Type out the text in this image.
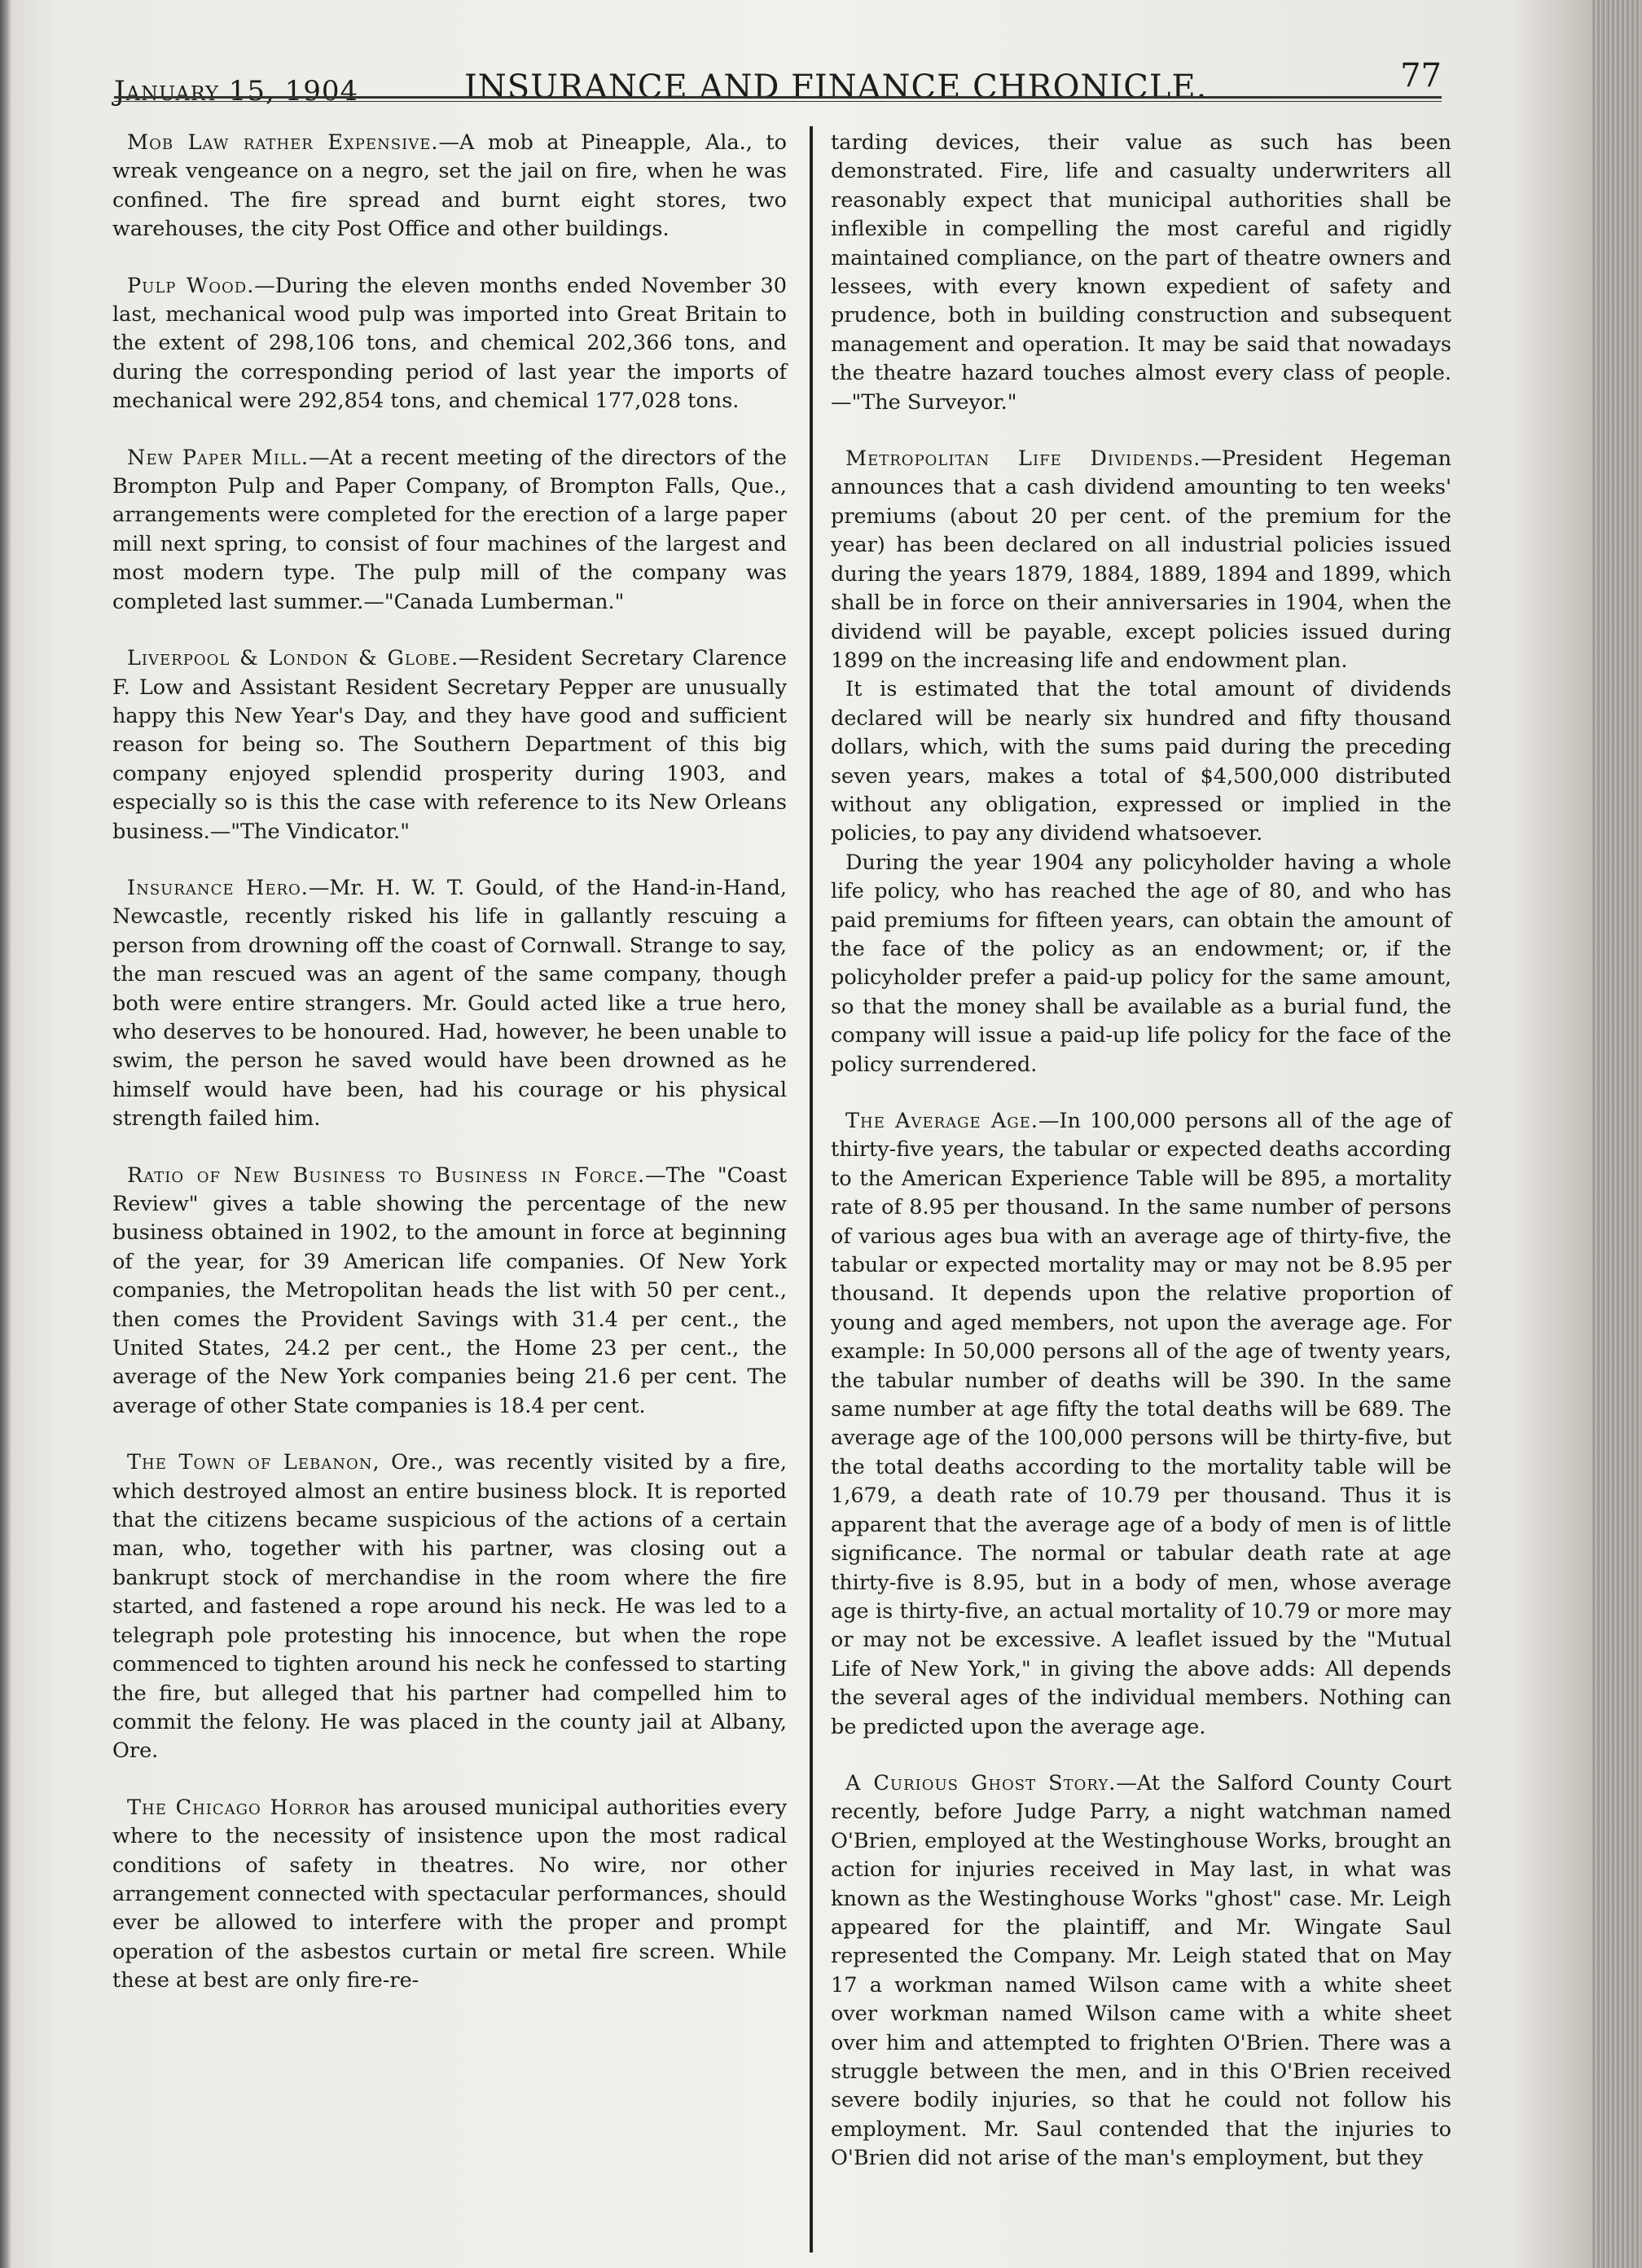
January 15, 1904	INSURANCE AND FINANCE CHRONICLE.	77

Mob Law rather Expensive.—A mob at Pineapple, Ala., to wreak vengeance on a negro, set the jail on fire, when he was confined. The fire spread and burnt eight stores, two warehouses, the city Post Office and other buildings.

Pulp Wood.—During the eleven months ended November 30 last, mechanical wood pulp was imported into Great Britain to the extent of 298,106 tons, and chemical 202,366 tons, and during the corresponding period of last year the imports of mechanical were 292,854 tons, and chemical 177,028 tons.

New Paper Mill.—At a recent meeting of the directors of the Brompton Pulp and Paper Company, of Brompton Falls, Que., arrangements were completed for the erection of a large paper mill next spring, to consist of four machines of the largest and most modern type. The pulp mill of the company was completed last summer.—"Canada Lumberman."

Liverpool & London & Globe.—Resident Secretary Clarence F. Low and Assistant Resident Secretary Pepper are unusually happy this New Year's Day, and they have good and sufficient reason for being so. The Southern Department of this big company enjoyed splendid prosperity during 1903, and especially so is this the case with reference to its New Orleans business.—"The Vindicator."

Insurance Hero.—Mr. H. W. T. Gould, of the Hand-in-Hand, Newcastle, recently risked his life in gallantly rescuing a person from drowning off the coast of Cornwall. Strange to say, the man rescued was an agent of the same company, though both were entire strangers. Mr. Gould acted like a true hero, who deserves to be honoured. Had, however, he been unable to swim, the person he saved would have been drowned as he himself would have been, had his courage or his physical strength failed him.

Ratio of New Business to Business in Force.—The "Coast Review" gives a table showing the percentage of the new business obtained in 1902, to the amount in force at beginning of the year, for 39 American life companies. Of New York companies, the Metropolitan heads the list with 50 per cent., then comes the Provident Savings with 31.4 per cent., the United States, 24.2 per cent., the Home 23 per cent., the average of the New York companies being 21.6 per cent. The average of other State companies is 18.4 per cent.

The Town of Lebanon, Ore., was recently visited by a fire, which destroyed almost an entire business block. It is reported that the citizens became suspicious of the actions of a certain man, who, together with his partner, was closing out a bankrupt stock of merchandise in the room where the fire started, and fastened a rope around his neck. He was led to a telegraph pole protesting his innocence, but when the rope commenced to tighten around his neck he confessed to starting the fire, but alleged that his partner had compelled him to commit the felony. He was placed in the county jail at Albany, Ore.

The Chicago Horror has aroused municipal authorities every where to the necessity of insistence upon the most radical conditions of safety in theatres. No wire, nor other arrangement connected with spectacular performances, should ever be allowed to interfere with the proper and prompt operation of the asbestos curtain or metal fire screen. While these at best are only fire-re-

tarding devices, their value as such has been demonstrated. Fire, life and casualty underwriters all reasonably expect that municipal authorities shall be inflexible in compelling the most careful and rigidly maintained compliance, on the part of theatre owners and lessees, with every known expedient of safety and prudence, both in building construction and subsequent management and operation. It may be said that nowadays the theatre hazard touches almost every class of people.—"The Surveyor."

Metropolitan Life Dividends.—President Hegeman announces that a cash dividend amounting to ten weeks' premiums (about 20 per cent. of the premium for the year) has been declared on all industrial policies issued during the years 1879, 1884, 1889, 1894 and 1899, which shall be in force on their anniversaries in 1904, when the dividend will be payable, except policies issued during 1899 on the increasing life and endowment plan.

It is estimated that the total amount of dividends declared will be nearly six hundred and fifty thousand dollars, which, with the sums paid during the preceding seven years, makes a total of $4,500,000 distributed without any obligation, expressed or implied in the policies, to pay any dividend whatsoever.

During the year 1904 any policyholder having a whole life policy, who has reached the age of 80, and who has paid premiums for fifteen years, can obtain the amount of the face of the policy as an endowment; or, if the policyholder prefer a paid-up policy for the same amount, so that the money shall be available as a burial fund, the company will issue a paid-up life policy for the face of the policy surrendered.

The Average Age.—In 100,000 persons all of the age of thirty-five years, the tabular or expected deaths according to the American Experience Table will be 895, a mortality rate of 8.95 per thousand. In the same number of persons of various ages bua with an average age of thirty-five, the tabular or expected mortality may or may not be 8.95 per thousand. It depends upon the relative proportion of young and aged members, not upon the average age. For example: In 50,000 persons all of the age of twenty years, the tabular number of deaths will be 390. In the same same number at age fifty the total deaths will be 689. The average age of the 100,000 persons will be thirty-five, but the total deaths according to the mortality table will be 1,679, a death rate of 10.79 per thousand. Thus it is apparent that the average age of a body of men is of little significance. The normal or tabular death rate at age thirty-five is 8.95, but in a body of men, whose average age is thirty-five, an actual mortality of 10.79 or more may or may not be excessive. A leaflet issued by the "Mutual Life of New York," in giving the above adds: All depends the several ages of the individual members. Nothing can be predicted upon the average age.

A Curious Ghost Story.—At the Salford County Court recently, before Judge Parry, a night watchman named O'Brien, employed at the Westinghouse Works, brought an action for injuries received in May last, in what was known as the Westinghouse Works "ghost" case. Mr. Leigh appeared for the plaintiff, and Mr. Wingate Saul represented the Company. Mr. Leigh stated that on May 17 a workman named Wilson came with a white sheet over workman named Wilson came with a white sheet over him and attempted to frighten O'Brien. There was a struggle between the men, and in this O'Brien received severe bodily injuries, so that he could not follow his employment. Mr. Saul contended that the injuries to O'Brien did not arise of the man's employment, but they
